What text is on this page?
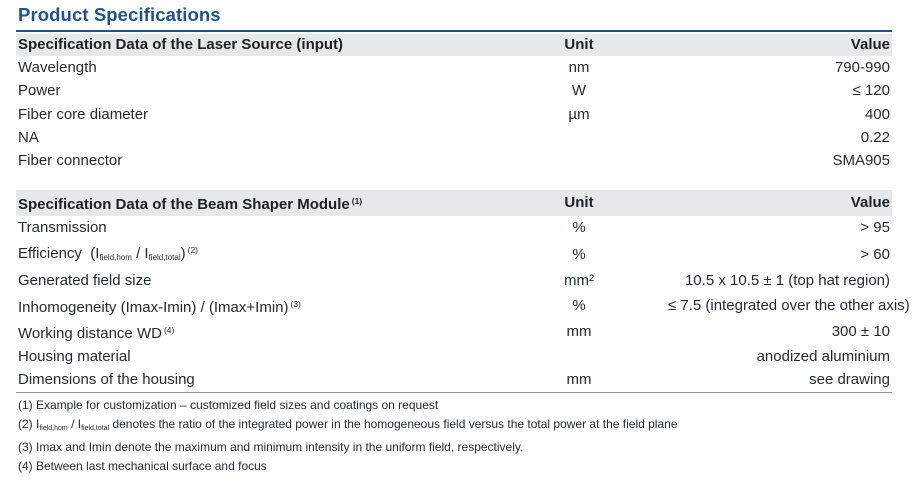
Product Specifications
Specification Data of the Laser Source (input)	Unit	Value
Wavelength	nm	790-990
Power	W	≤ 120
Fiber core diameter	µm	400
NA		0.22
Fiber connector		SMA905
Specification Data of the Beam Shaper Module $^{(1)}$	Unit	Value
Transmission	%	> 95
Efficiency $(I_{field,hom} / I_{field,total})$ $^{(2)}$	%	> 60
Generated field size	mm²	10.5 x 10.5 ± 1 (top hat region)
Inhomogeneity (Imax-Imin) / (Imax+Imin) $^{(3)}$	%	≤ 7.5 (integrated over the other axis)
Working distance WD $^{(4)}$	mm	300 ± 10
Housing material		anodized aluminium
Dimensions of the housing	mm	see drawing
(1) Example for customization – customized field sizes and coatings on request
(2) $I_{field,hom} / I_{field,total}$ denotes the ratio of the integrated power in the homogeneous field versus the total power at the field plane
(3) Imax and Imin denote the maximum and minimum intensity in the uniform field, respectively.
(4) Between last mechanical surface and focus
